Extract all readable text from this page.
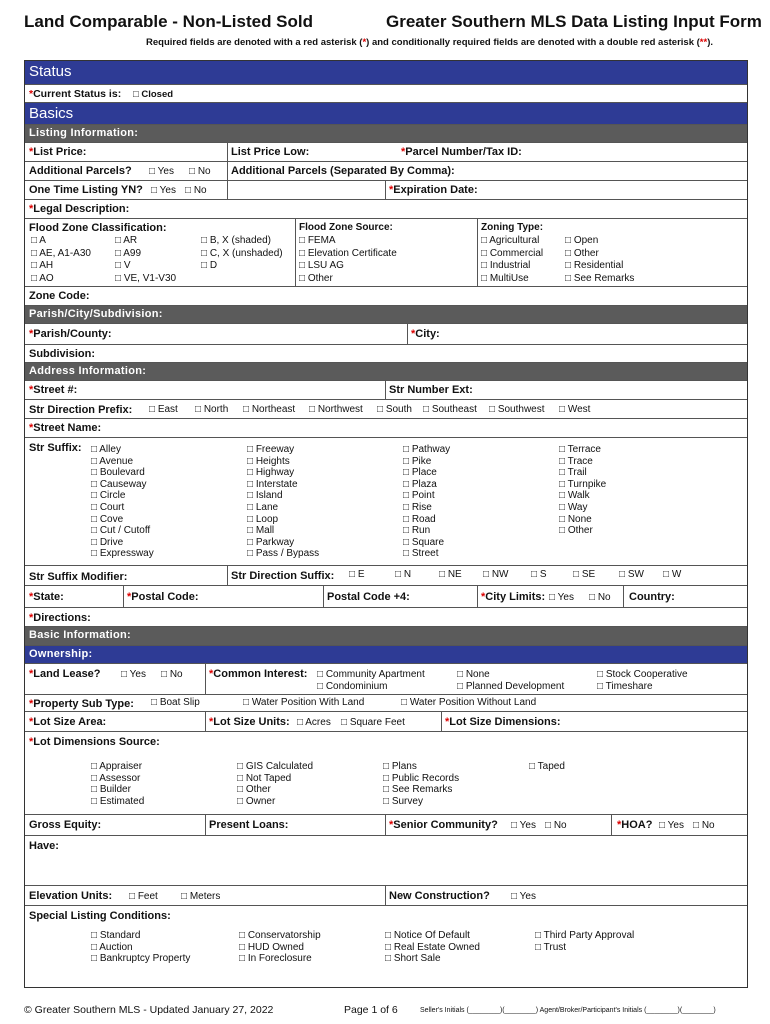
Land Comparable - Non-Listed Sold	Greater Southern MLS Data Listing Input Form
Required fields are denoted with a red asterisk (*) and conditionally required fields are denoted with a double red asterisk (**).
Status
*Current Status is: □ Closed
Basics
Listing Information:
*List Price:	List Price Low:	*Parcel Number/Tax ID:
Additional Parcels? □ Yes □ No Additional Parcels (Separated By Comma):
One Time Listing YN? □ Yes □ No	*Expiration Date:
*Legal Description:
Flood Zone Classification:
□ A
□ AE, A1-A30
□ AH
□ AO
□ AR
□ A99
□ V
□ VE, V1-V30
□ B, X (shaded)
□ C, X (unshaded)
□ D
Flood Zone Source:
□ FEMA
□ Elevation Certificate
□ LSU AG
□ Other
Zoning Type:
□ Agricultural
□ Commercial
□ Industrial
□ MultiUse
□ Open
□ Other
□ Residential
□ See Remarks
Zone Code:
Parish/City/Subdivision:
*Parish/County:	*City:
Subdivision:
Address Information:
*Street #:	Str Number Ext:
Str Direction Prefix: □ East □ North □ Northeast □ Northwest □ South □ Southeast □ Southwest □ West
*Street Name:
Str Suffix: □ Alley
□ Avenue
□ Boulevard
□ Causeway
□ Circle
□ Court
□ Cove
□ Cut / Cutoff
□ Drive
□ Expressway
□ Freeway
□ Heights
□ Highway
□ Interstate
□ Island
□ Lane
□ Loop
□ Mall
□ Parkway
□ Pass / Bypass
□ Pathway
□ Pike
□ Place
□ Plaza
□ Point
□ Rise
□ Road
□ Run
□ Square
□ Street
□ Terrace
□ Trace
□ Trail
□ Turnpike
□ Walk
□ Way
□ None
□ Other
Str Suffix Modifier:	Str Direction Suffix: □ E	□ N	□ NE □ NW □ S	□ SE □ SW □ W
*State:	*Postal Code:	Postal Code +4:	*City Limits: □ Yes □ No Country:
*Directions:
Basic Information:
Ownership:
*Land Lease? □ Yes □ No *Common Interest: □ Community Apartment
□ Condominium
□ None
□ Planned Development
□ Stock Cooperative
□ Timeshare
*Property Sub Type: □ Boat Slip	□ Water Position With Land	□ Water Position Without Land
*Lot Size Area:	*Lot Size Units: □ Acres □ Square Feet	*Lot Size Dimensions:
*Lot Dimensions Source:
□ Appraiser
□ Assessor
□ Builder
□ Estimated
□ GIS Calculated
□ Not Taped
□ Other
□ Owner
□ Plans
□ Public Records
□ See Remarks
□ Survey
□ Taped
Gross Equity:	Present Loans:	*Senior Community? □ Yes □ No	*HOA? □ Yes □ No
Have:
Elevation Units: □ Feet □ Meters	New Construction? □ Yes
Special Listing Conditions:
□ Standard
□ Auction
□ Bankruptcy Property
□ Conservatorship
□ HUD Owned
□ In Foreclosure
□ Notice Of Default
□ Real Estate Owned
□ Short Sale
□ Third Party Approval
□ Trust
© Greater Southern MLS - Updated January 27, 2022	Page 1 of 6	Seller's Initials (________)(________) Agent/Broker/Participant's Initials (________)(________)
